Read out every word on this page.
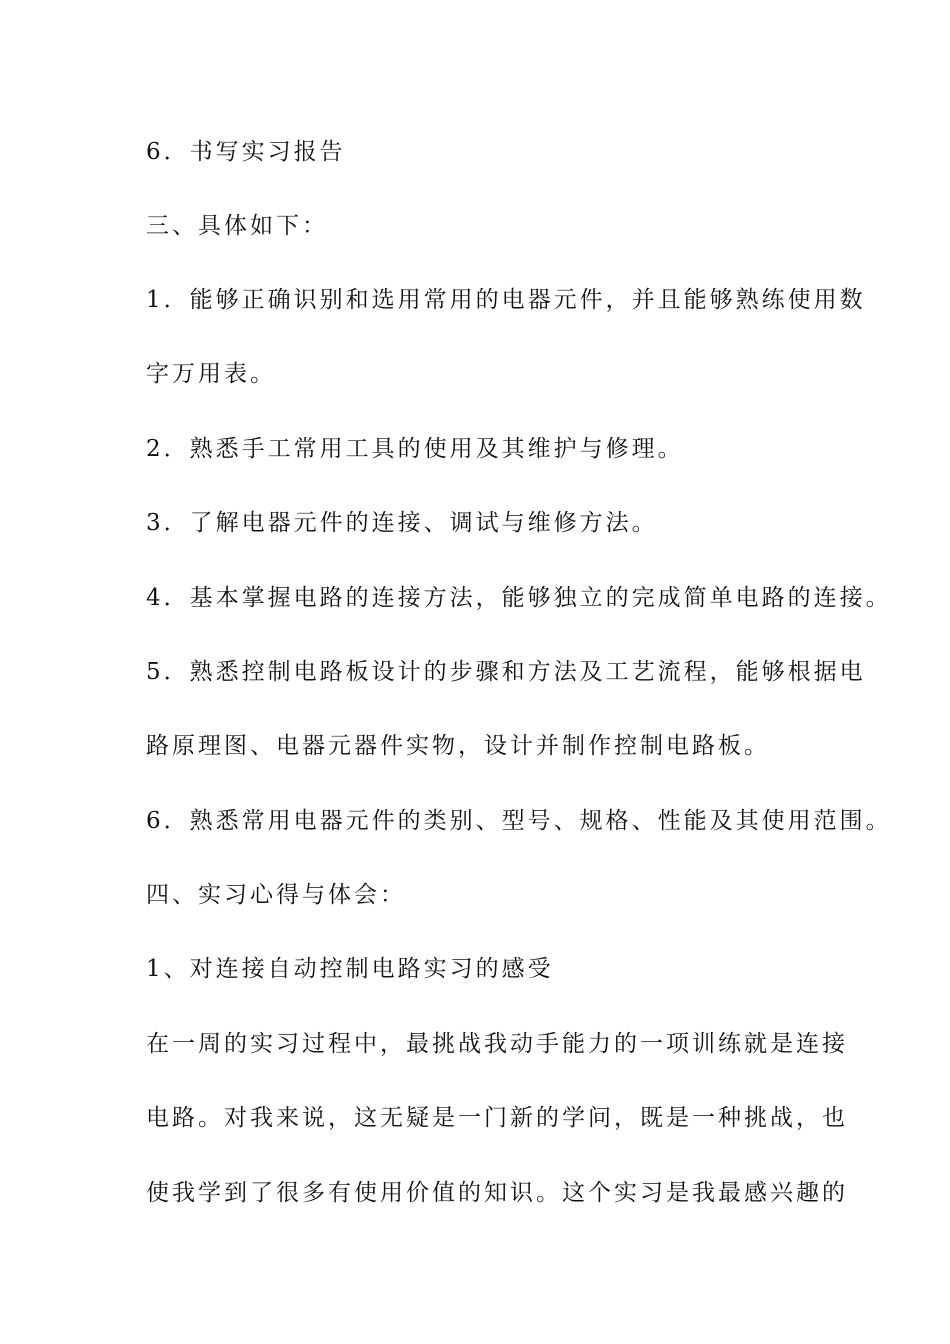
6．书写实习报告
三、具体如下：
1．能够正确识别和选用常用的电器元件，并且能够熟练使用数
字万用表。
2．熟悉手工常用工具的使用及其维护与修理。
3．了解电器元件的连接、调试与维修方法。
4．基本掌握电路的连接方法，能够独立的完成简单电路的连接。
5．熟悉控制电路板设计的步骤和方法及工艺流程，能够根据电
路原理图、电器元器件实物，设计并制作控制电路板。
6．熟悉常用电器元件的类别、型号、规格、性能及其使用范围。
四、实习心得与体会：
1、对连接自动控制电路实习的感受
在一周的实习过程中，最挑战我动手能力的一项训练就是连接
电路。对我来说，这无疑是一门新的学问，既是一种挑战，也
使我学到了很多有使用价值的知识。这个实习是我最感兴趣的
